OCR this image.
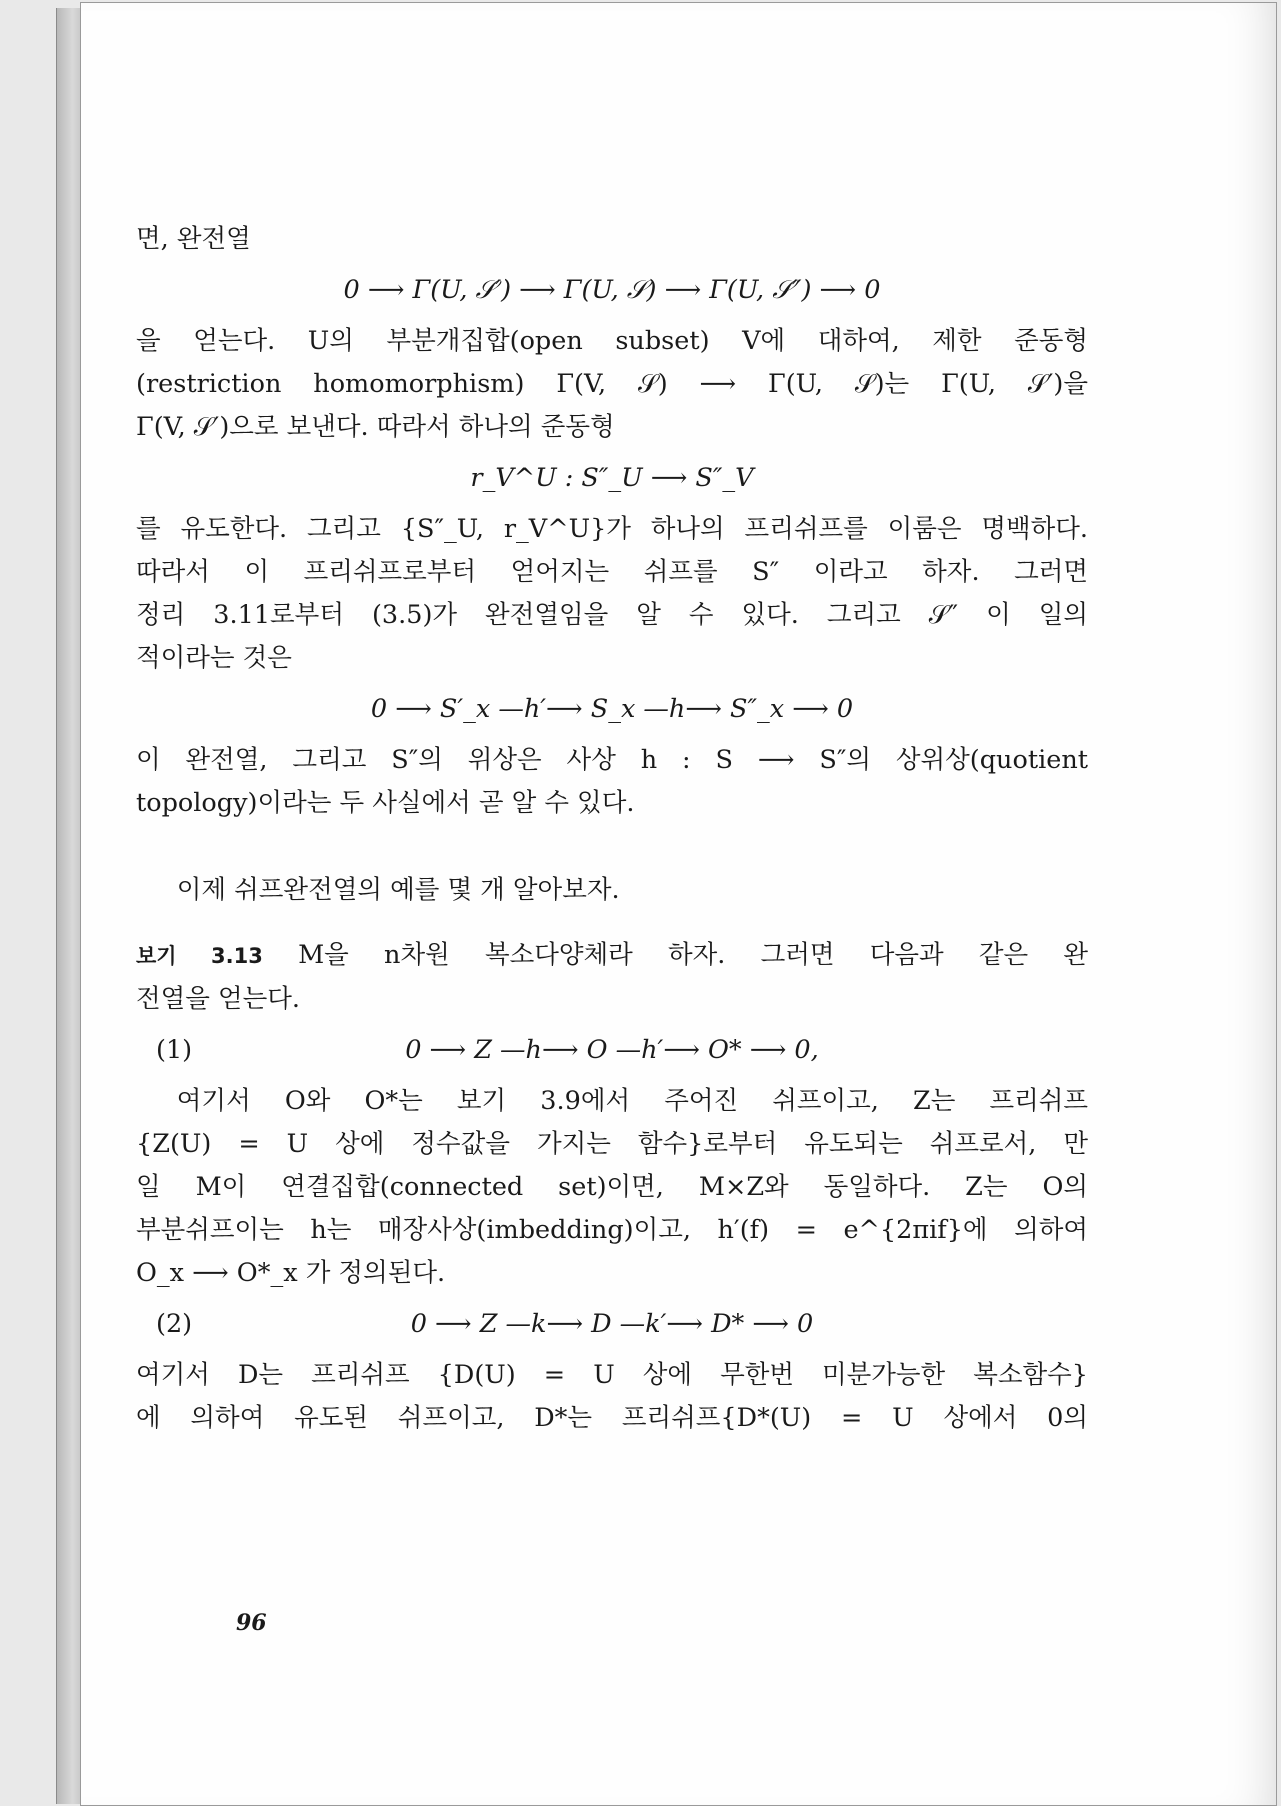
면, 완전열

0 ⟶ Γ(U, 𝒮′) ⟶ Γ(U, 𝒮) ⟶ Γ(U, 𝒮″) ⟶ 0

을 얻는다. U의 부분개집합(open subset) V에 대하여, 제한 준동형

(restriction homomorphism) Γ(V, 𝒮) ⟶ Γ(U, 𝒮)는 Γ(U, 𝒮′)을

Γ(V, 𝒮′)으로 보낸다. 따라서 하나의 준동형

r_V^U : S″_U ⟶ S″_V

를 유도한다. 그리고 {S″_U, r_V^U}가 하나의 프리쉬프를 이룸은 명백하다.

따라서 이 프리쉬프로부터 얻어지는 쉬프를 S″ 이라고 하자. 그러면

정리 3.11로부터 (3.5)가 완전열임을 알 수 있다. 그리고 𝒮″ 이 일의

적이라는 것은

0 ⟶ S′_x —h′⟶ S_x —h⟶ S″_x ⟶ 0

이 완전열, 그리고 S″의 위상은 사상 h : S ⟶ S″의 상위상(quotient

topology)이라는 두 사실에서 곧 알 수 있다.

이제 쉬프완전열의 예를 몇 개 알아보자.

보기 3.13 M을 n차원 복소다양체라 하자. 그러면 다음과 같은 완

전열을 얻는다.

(1)	0 ⟶ Z —h⟶ O —h′⟶ O* ⟶ 0,

여기서 O와 O*는 보기 3.9에서 주어진 쉬프이고, Z는 프리쉬프

{Z(U) = U 상에 정수값을 가지는 함수}로부터 유도되는 쉬프로서, 만

일 M이 연결집합(connected set)이면, M×Z와 동일하다. Z는 O의

부분쉬프이는 h는 매장사상(imbedding)이고, h′(f) = e^{2πif}에 의하여

O_x ⟶ O*_x 가 정의된다.

(2)	0 ⟶ Z —k⟶ D —k′⟶ D* ⟶ 0

여기서 D는 프리쉬프 {D(U) = U 상에 무한번 미분가능한 복소함수}

에 의하여 유도된 쉬프이고, D*는 프리쉬프{D*(U) = U 상에서 0의

96
